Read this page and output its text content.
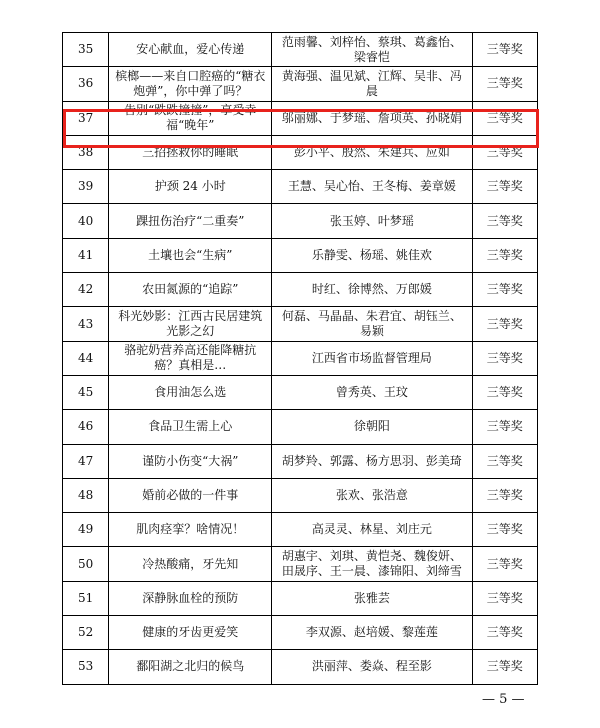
35	安心献血，爱心传递	范雨馨、刘梓怡、蔡琪、葛鑫怡、梁睿恺	三等奖
36	槟榔——来自口腔癌的“糖衣炮弹”，你中弹了吗？	黄海强、温见斌、江辉、吴非、冯晨	三等奖
37	告别“跌跌撞撞”，享受幸福“晚年”	邬丽娜、于梦瑶、詹项英、孙晓娟	三等奖
38	三招拯救你的睡眠	彭小平、殷然、朱建兵、应如	三等奖
39	护颈 24 小时	王慧、吴心怡、王冬梅、姜章媛	三等奖
40	踝扭伤治疗“二重奏”	张玉婷、叶梦瑶	三等奖
41	土壤也会“生病”	乐静雯、杨瑶、姚佳欢	三等奖
42	农田氮源的“追踪”	时红、徐博然、万郎媛	三等奖
43	科光妙影：江西古民居建筑光影之幻	何磊、马晶晶、朱君宜、胡钰兰、易颖	三等奖
44	骆驼奶营养高还能降糖抗癌？真相是…	江西省市场监督管理局	三等奖
45	食用油怎么选	曾秀英、王玟	三等奖
46	食品卫生需上心	徐朝阳	三等奖
47	谨防小伤变“大祸”	胡梦羚、郭露、杨方思羽、彭美琦	三等奖
48	婚前必做的一件事	张欢、张浩意	三等奖
49	肌肉痉挛？啥情况！	高灵灵、林星、刘庄元	三等奖
50	冷热酸痛，牙先知	胡惠宇、刘琪、黄恺尧、魏俊妍、田晟序、王一晨、漆锦阳、刘缔雪	三等奖
51	深静脉血栓的预防	张雅芸	三等奖
52	健康的牙齿更爱笑	李双源、赵培媛、黎莲莲	三等奖
53	鄱阳湖之北归的候鸟	洪丽萍、娄焱、程至影	三等奖
— 5 —
